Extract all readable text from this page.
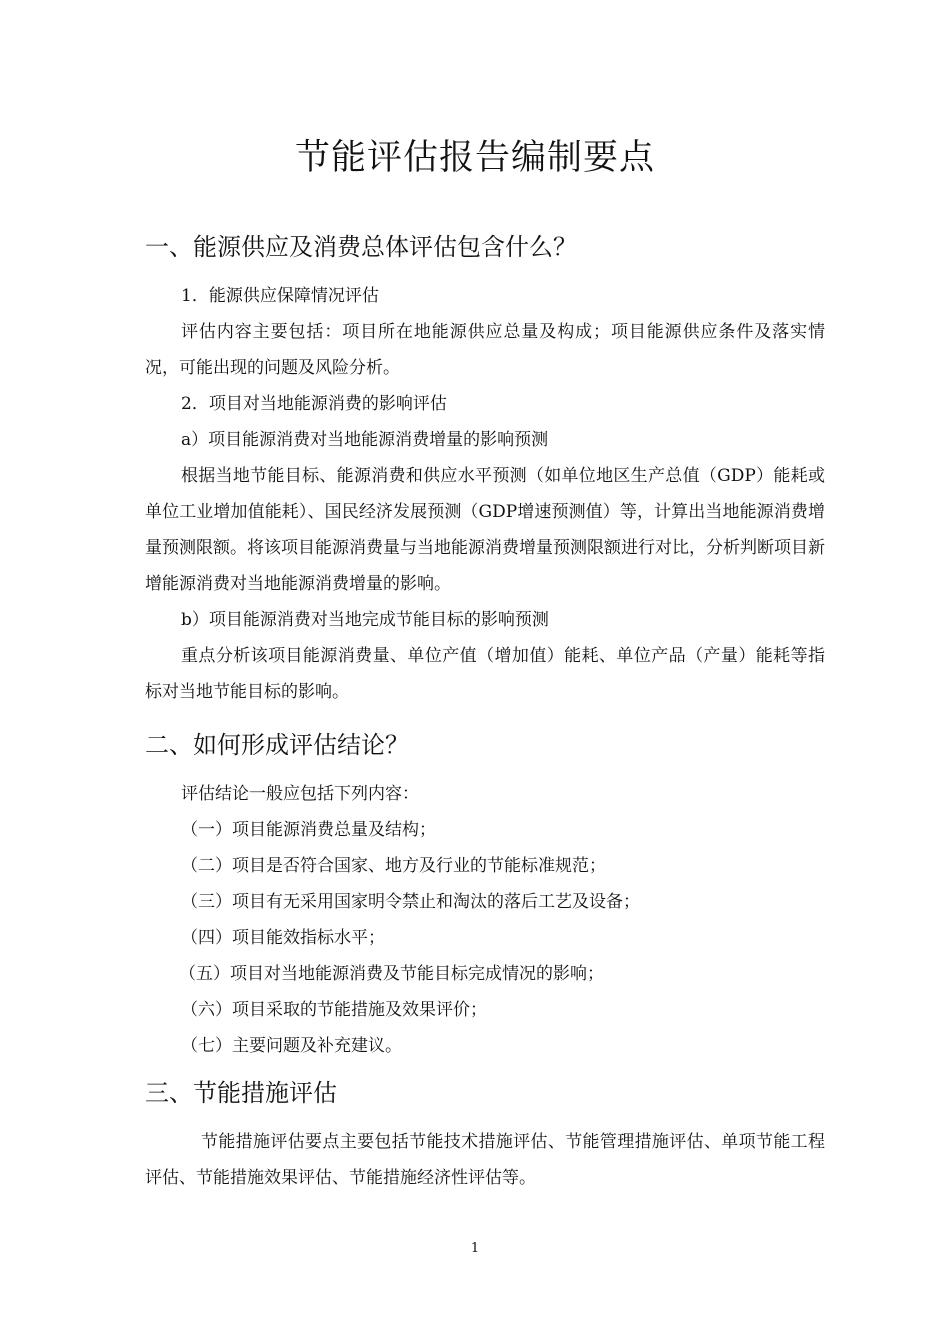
节能评估报告编制要点
一、能源供应及消费总体评估包含什么？

1．能源供应保障情况评估

评估内容主要包括：项目所在地能源供应总量及构成；项目能源供应条件及落实情况，可能出现的问题及风险分析。

2．项目对当地能源消费的影响评估

a）项目能源消费对当地能源消费增量的影响预测

根据当地节能目标、能源消费和供应水平预测（如单位地区生产总值（GDP）能耗或单位工业增加值能耗）、国民经济发展预测（GDP增速预测值）等，计算出当地能源消费增量预测限额。将该项目能源消费量与当地能源消费增量预测限额进行对比，分析判断项目新增能源消费对当地能源消费增量的影响。

b）项目能源消费对当地完成节能目标的影响预测

重点分析该项目能源消费量、单位产值（增加值）能耗、单位产品（产量）能耗等指标对当地节能目标的影响。

二、如何形成评估结论？

评估结论一般应包括下列内容：

（一）项目能源消费总量及结构；

（二）项目是否符合国家、地方及行业的节能标准规范；

（三）项目有无采用国家明令禁止和淘汰的落后工艺及设备；

（四）项目能效指标水平；

（五）项目对当地能源消费及节能目标完成情况的影响；

（六）项目采取的节能措施及效果评价；

（七）主要问题及补充建议。

三、节能措施评估

节能措施评估要点主要包括节能技术措施评估、节能管理措施评估、单项节能工程评估、节能措施效果评估、节能措施经济性评估等。

1
